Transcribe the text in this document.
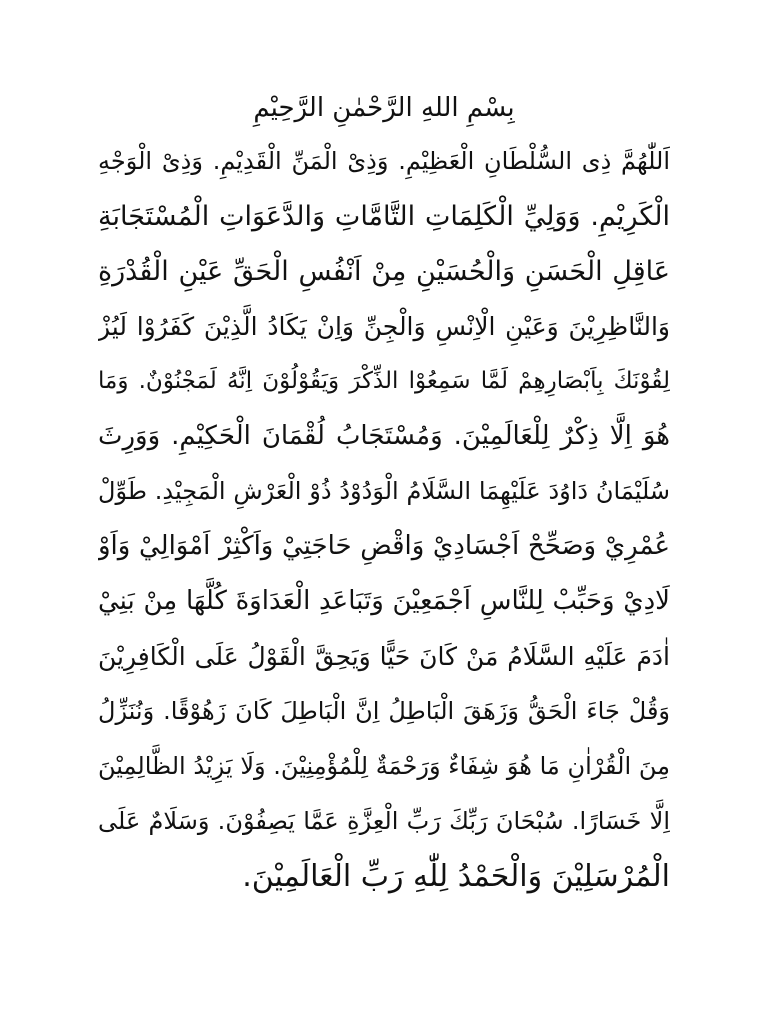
بِسْمِ اللهِ الرَّحْمٰنِ الرَّحِيْمِ
اَللّٰهُمَّ ذِى السُّلْطَانِ الْعَظِيْمِ. وَذِىْ الْمَنِّ الْقَدِيْمِ. وَذِىْ الْوَجْهِ
الْكَرِيْمِ. وَوَلِيِّ الْكَلِمَاتِ التَّامَّاتِ وَالدَّعَوَاتِ الْمُسْتَجَابَةِ
عَاقِلِ الْحَسَنِ وَالْحُسَيْنِ مِنْ اَنْفُسِ الْحَقِّ عَيْنِ الْقُدْرَةِ
وَالنَّاظِرِيْنَ وَعَيْنِ الْاِنْسِ وَالْجِنِّ وَاِنْ يَكَادُ الَّذِيْنَ كَفَرُوْا لَيُزْ
لِقُوْنَكَ بِاَبْصَارِهِمْ لَمَّا سَمِعُوْا الذِّكْرَ وَيَقُوْلُوْنَ اِنَّهُ لَمَجْنُوْنٌ. وَمَا
هُوَ اِلَّا ذِكْرٌ لِلْعَالَمِيْنَ. وَمُسْتَجَابُ لُقْمَانَ الْحَكِيْمِ. وَوَرِثَ
سُلَيْمَانُ دَاوُدَ عَلَيْهِمَا السَّلَامُ الْوَدُوْدُ ذُوْ الْعَرْشِ الْمَجِيْدِ. طَوِّلْ
عُمْرِيْ وَصَحِّحْ اَجْسَادِيْ وَاقْضِ حَاجَتِيْ وَاَكْثِرْ اَمْوَالِيْ وَاَوْ
لَادِيْ وَحَبِّبْ لِلنَّاسِ اَجْمَعِيْنَ وَتَبَاعَدِ الْعَدَاوَةَ كُلَّهَا مِنْ بَنِيْ
اٰدَمَ عَلَيْهِ السَّلَامُ مَنْ كَانَ حَيًّا وَيَحِقَّ الْقَوْلُ عَلَى الْكَافِرِيْنَ
وَقُلْ جَاءَ الْحَقُّ وَزَهَقَ الْبَاطِلُ اِنَّ الْبَاطِلَ كَانَ زَهُوْقًا. وَنُنَزِّلُ
مِنَ الْقُرْاٰنِ مَا هُوَ شِفَاءٌ وَرَحْمَةٌ لِلْمُؤْمِنِيْنَ. وَلَا يَزِيْدُ الظَّالِمِيْنَ
اِلَّا خَسَارًا. سُبْحَانَ رَبِّكَ رَبِّ الْعِزَّةِ عَمَّا يَصِفُوْنَ. وَسَلَامٌ عَلَى
الْمُرْسَلِيْنَ وَالْحَمْدُ لِلّٰهِ رَبِّ الْعَالَمِيْنَ.
